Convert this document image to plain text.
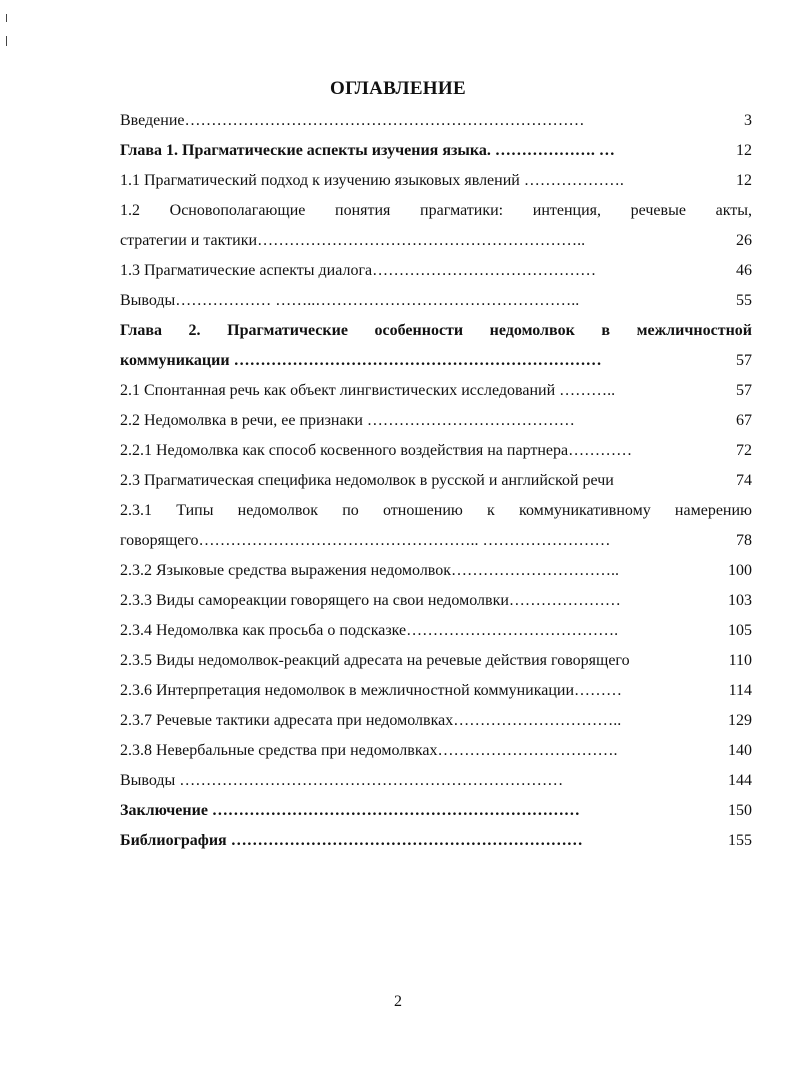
ОГЛАВЛЕНИЕ
Введение…………………………………………………………………	3
Глава 1. Прагматические аспекты изучения языка. ………………. …	12
1.1 Прагматический подход к изучению языковых явлений ……………….	12
1.2 Основополагающие понятия прагматики: интенция, речевые акты,
стратегии и тактики……………………………………………………..	26
1.3 Прагматические аспекты диалога……………………………………	46
Выводы……………… ……..…………………………………………..	55
Глава 2. Прагматические особенности недомолвок в межличностной
коммуникации ……………………………………………………………	57
2.1 Спонтанная речь как объект лингвистических исследований ………..	57
2.2 Недомолвка в речи, ее признаки …………………………………	67
2.2.1 Недомолвка как способ косвенного воздействия на партнера…………	72
2.3 Прагматическая специфика недомолвок в русской и английской речи	74
2.3.1 Типы недомолвок по отношению к коммуникативному намерению
говорящего…………………………………………….. ……………………	78
2.3.2 Языковые средства выражения недомолвок…………………………..	100
2.3.3 Виды самореакции говорящего на свои недомолвки…………………	103
2.3.4 Недомолвка как просьба о подсказке………………………………….	105
2.3.5 Виды недомолвок-реакций адресата на речевые действия говорящего	110
2.3.6 Интерпретация недомолвок в межличностной коммуникации………	114
2.3.7 Речевые тактики адресата при недомолвках…………………………..	129
2.3.8 Невербальные средства при недомолвках…………………………….	140
Выводы ………………………………………………………………	144
Заключение ……………………………………………………………	150
Библиография …………………………………………………………	155
2
